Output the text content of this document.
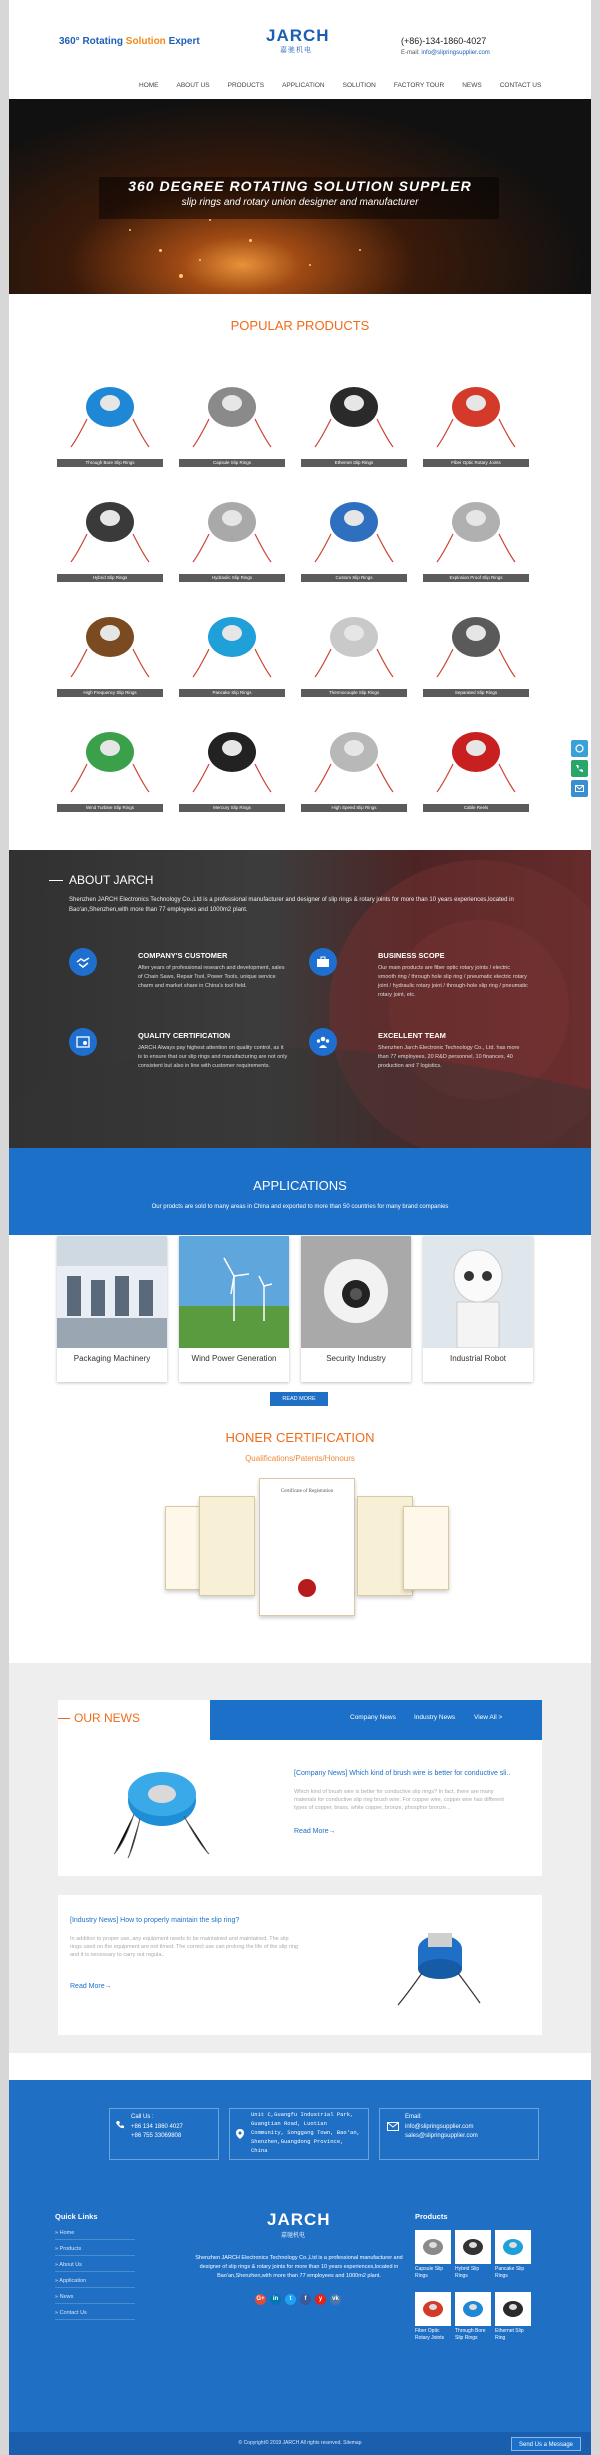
360° Rotating Solution Expert	JARCH
嘉驰机电
(+86)-134-1860-4027
E-mail: info@slipringsupplier.com
HOME	ABOUT US	PRODUCTS	APPLICATION	SOLUTION	FACTORY TOUR	NEWS	CONTACT US
360 DEGREE ROTATING SOLUTION SUPPLER
slip rings and rotary union designer and manufacturer
POPULAR PRODUCTS
Through Bore Slip Rings	Capsule Slip Rings	Ethernet Slip Rings	Fiber Optic Rotary Joints
Hybrid Slip Rings	Hydraulic Slip Rings	Custom Slip Rings	Explosion Proof Slip Rings
High Frequency Slip Rings	Pancake Slip Rings	Thermocouple Slip Rings	Separated Slip Rings
Wind Turbine Slip Rings	Mercury Slip Rings	High Speed Slip Rings	Cable Reels
ABOUT JARCH
Shenzhen JARCH Electronics Technology Co.,Ltd is a professional manufacturer and designer of slip rings & rotary joints for more than 10 years experiences,located in Bao'an,Shenzhen,with more than 77 employees and 1000m2 plant.
COMPANY'S CUSTOMER
After years of professional research and development, sales of Chain Saws, Repair Tool, Power Tools, unique service charm and market share in China's tool field.
BUSINESS SCOPE
Our main products are fiber optic rotary joints / electric smooth ring / through hole slip ring / pneumatic electric rotary joint / hydraulic rotary joint / through-hole slip ring / pneumatic rotary joint, etc.
QUALITY CERTIFICATION
JARCH Always pay highest attention on quality control, as it is to ensure that our slip rings and manufacturing are not only consistent but also in line with customer requirements.
EXCELLENT TEAM
Shenzhen Jarch Electronic Technology Co., Ltd. has more than 77 employees, 20 R&D personnel, 10 finances, 40 production and 7 logistics.
APPLICATIONS
Our prodcts are sold to many areas in China and exported to more than 50 countries for many brand companies
Packaging Machinery	Wind Power Generation	Security Industry	Industrial Robot
READ MORE
HONER CERTIFICATION
Qualifications/Patents/Honours
Certificate of Registration
OUR NEWS	Company News	Industry News	View All >
[Company News] Which kind of brush wire is better for conductive sli..
Which kind of brush wire is better for conductive slip rings? In fact, there are many materials for conductive slip ring brush wire. For copper wire, copper wire has different types of copper, brass, white copper, bronze, phosphor bronze...
Read More→
[Industry News] How to properly maintain the slip ring?
In addition to proper use, any equipment needs to be maintained and maintained. The slip rings used on the equipment are not timed. The correct use can prolong the life of the slip ring and it is necessary to carry out regula..
Read More→
Call Us :
+86 134 1860 4027
+86 755 33069808
Unit C,Guangfu Industrial Park,
Guangtian Road, Luotian
Community, Songgang Town, Bao'an,
Shenzhen,Guangdong Province,
China
Email:
info@slipringsupplier.com
sales@slipringsupplier.com
Quick Links
» Home
» Products
» About Us
» Application
» News
» Contact Us
JARCH
嘉驰机电
Shenzhen JARCH Electronics Technology Co.,Ltd is a professional manufacturer and designer of slip rings & rotary joints for more than 10 years experiences,located in Bao'an,Shenzhen,with more than 77 employees and 1000m2 plant.
G+	in	t	f	y	vk
Products
Capsule Slip Rings
Hybrid Slip Rings
Pancake Slip Rings
Fiber Optic Rotary Joints
Through Bore Slip Rings
Ethernet Slip Ring
© Copyright© 2019 JARCH All rights reserved. Sitemap	Send Us a Message
